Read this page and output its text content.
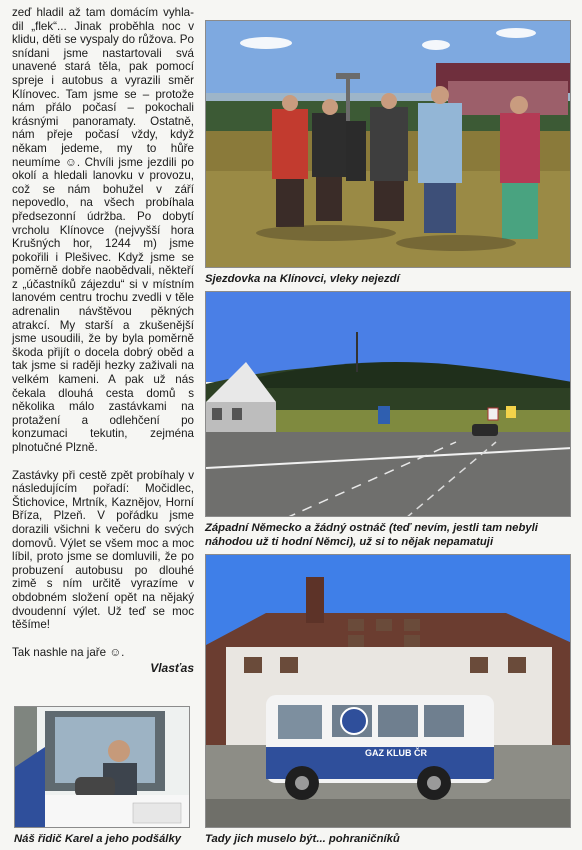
zeď hladil až tam domácím vyhla-dil „flek“... Jinak proběhla noc v klidu, děti se vyspaly do růžova. Po snídani jsme nastartovali svá unavené stará těla, pak pomocí spreje i autobus a vyrazili směr Klínovec. Tam jsme se – protože nám přálo počasí – pokochali krásnými panoramaty. Ostatně, nám přeje počasí vždy, když někam jedeme, my to hůře neumíme ☺. Chvíli jsme jezdili po okolí a hledali lanovku v provozu, což se nám bohužel v září nepovedlo, na všech probíhala předsezonní údržba. Po dobytí vrcholu Klínovce (nejvyšší hora Krušných hor, 1244 m) jsme pokořili i Plešivec. Když jsme se poměrně dobře naobědvali, někteří z „účastníků zájezdu“ si v místním lanovém centru trochu zvedli v těle adrenalin návštěvou pěkných atrakcí. My starší a zkušenější jsme usoudili, že by byla poměrně škoda přijít o docela dobrý oběd a tak jsme si raději hezky zaživali na velkém kameni. A pak už nás čekala dlouhá cesta domů s několika málo zastávkami na protažení a odlehčení po konzumaci tekutin, zejména plnotučné Plzně.

Zastávky při cestě zpět probíhaly v následujícím pořadí: Močidlec, Štichovice, Mrtník, Kaznějov, Horní Bříza, Plzeň. V pořádku jsme dorazili všichni k večeru do svých domovů. Výlet se všem moc a moc líbil, proto jsme se domluvili, že po probuzení autobusu po dlouhé zimě s ním určitě vyrazíme v obdobném složení opět na nějaký dvoudenní výlet. Už teď se moc těšíme!

Tak nashle na jaře ☺.

Vlasťas
Náš řidič Karel a jeho podšálky
Sjezdovka na Klínovci, vleky nejezdí
Západní Německo a žádný ostnáč (teď nevím, jestli tam nebyli náhodou už ti hodní Němci), už si to nějak nepamatuji
GAZ KLUB ČR
Tady jich muselo být... pohraničníků
